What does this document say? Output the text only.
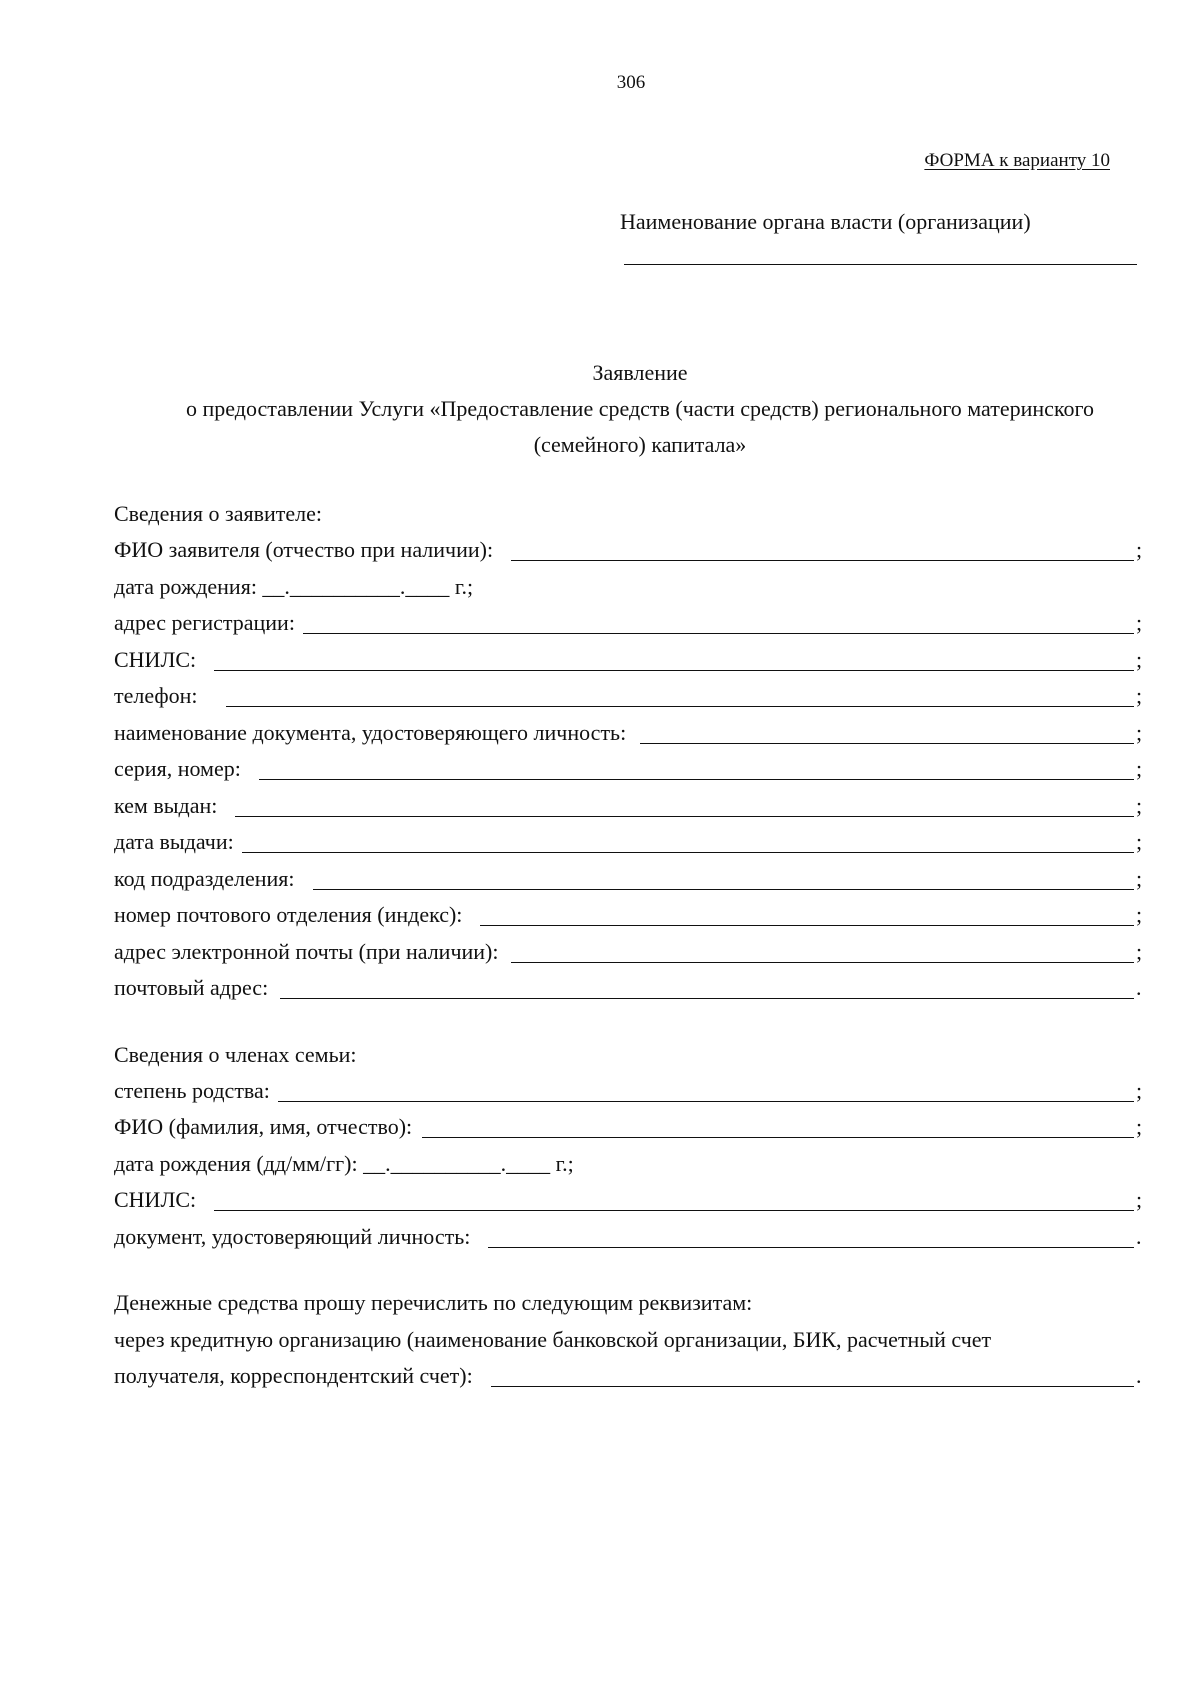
306
ФОРМА к варианту 10
Наименование органа власти (организации)
Заявление
о предоставлении Услуги «Предоставление средств (части средств) регионального материнского
(семейного) капитала»
Сведения о заявителе:
ФИО заявителя (отчество при наличии):	;
дата рождения: __.__________.____ г.;
адрес регистрации:	;
СНИЛС:	;
телефон:	;
наименование документа, удостоверяющего личность:	;
серия, номер:	;
кем выдан:	;
дата выдачи:	;
код подразделения:	;
номер почтового отделения (индекс):	;
адрес электронной почты (при наличии):	;
почтовый адрес:	.
Сведения о членах семьи:
степень родства:	;
ФИО (фамилия, имя, отчество):	;
дата рождения (дд/мм/гг): __.__________.____ г.;
СНИЛС:	;
документ, удостоверяющий личность:	.
Денежные средства прошу перечислить по следующим реквизитам:
через кредитную организацию (наименование банковской организации, БИК, расчетный счет
получателя, корреспондентский счет):	.
